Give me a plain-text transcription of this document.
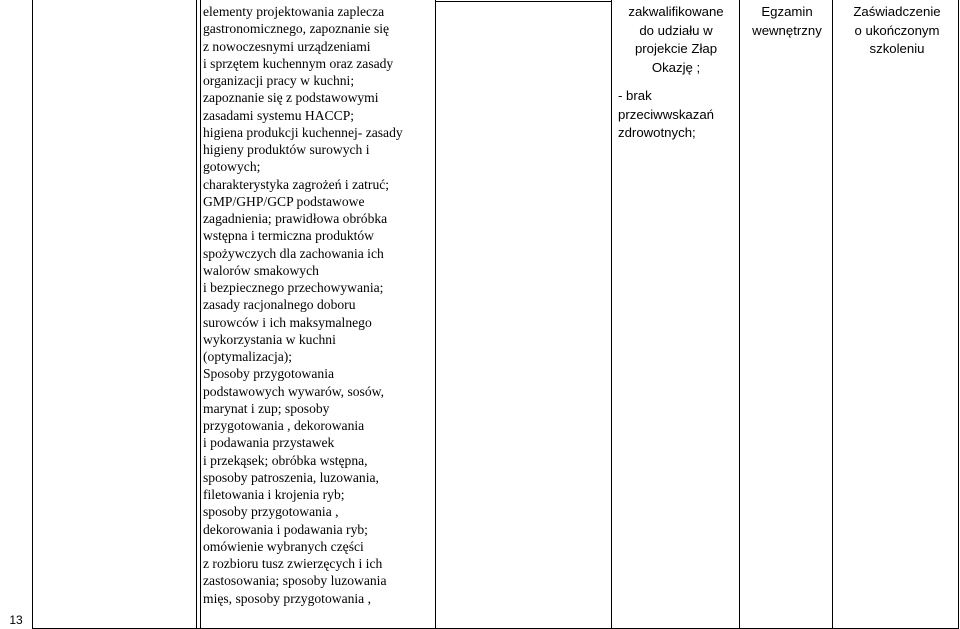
13
elementy projektowania zaplecza
gastronomicznego, zapoznanie się
z nowoczesnymi urządzeniami
i sprzętem kuchennym oraz zasady
organizacji pracy w kuchni;
zapoznanie się z podstawowymi
zasadami systemu HACCP;
higiena produkcji kuchennej- zasady
higieny produktów surowych i
gotowych;
charakterystyka zagrożeń i zatruć;
GMP/GHP/GCP podstawowe
zagadnienia; prawidłowa obróbka
wstępna i termiczna produktów
spożywczych dla zachowania ich
walorów smakowych
i bezpiecznego przechowywania;
zasady racjonalnego doboru
surowców i ich maksymalnego
wykorzystania w kuchni
(optymalizacja);
Sposoby przygotowania
podstawowych wywarów, sosów,
marynat i zup; sposoby
przygotowania , dekorowania
i podawania przystawek
i przekąsek; obróbka wstępna,
sposoby patroszenia, luzowania,
filetowania i krojenia ryb;
sposoby przygotowania ,
dekorowania i podawania ryb;
omówienie wybranych części
z rozbioru tusz zwierzęcych i ich
zastosowania; sposoby luzowania
mięs, sposoby przygotowania ,
zakwalifikowane
do udziału w
projekcie Złap
Okazję ;
- brak
przeciwwskazań
zdrowotnych;
Egzamin
wewnętrzny
Zaświadczenie
o ukończonym
szkoleniu
